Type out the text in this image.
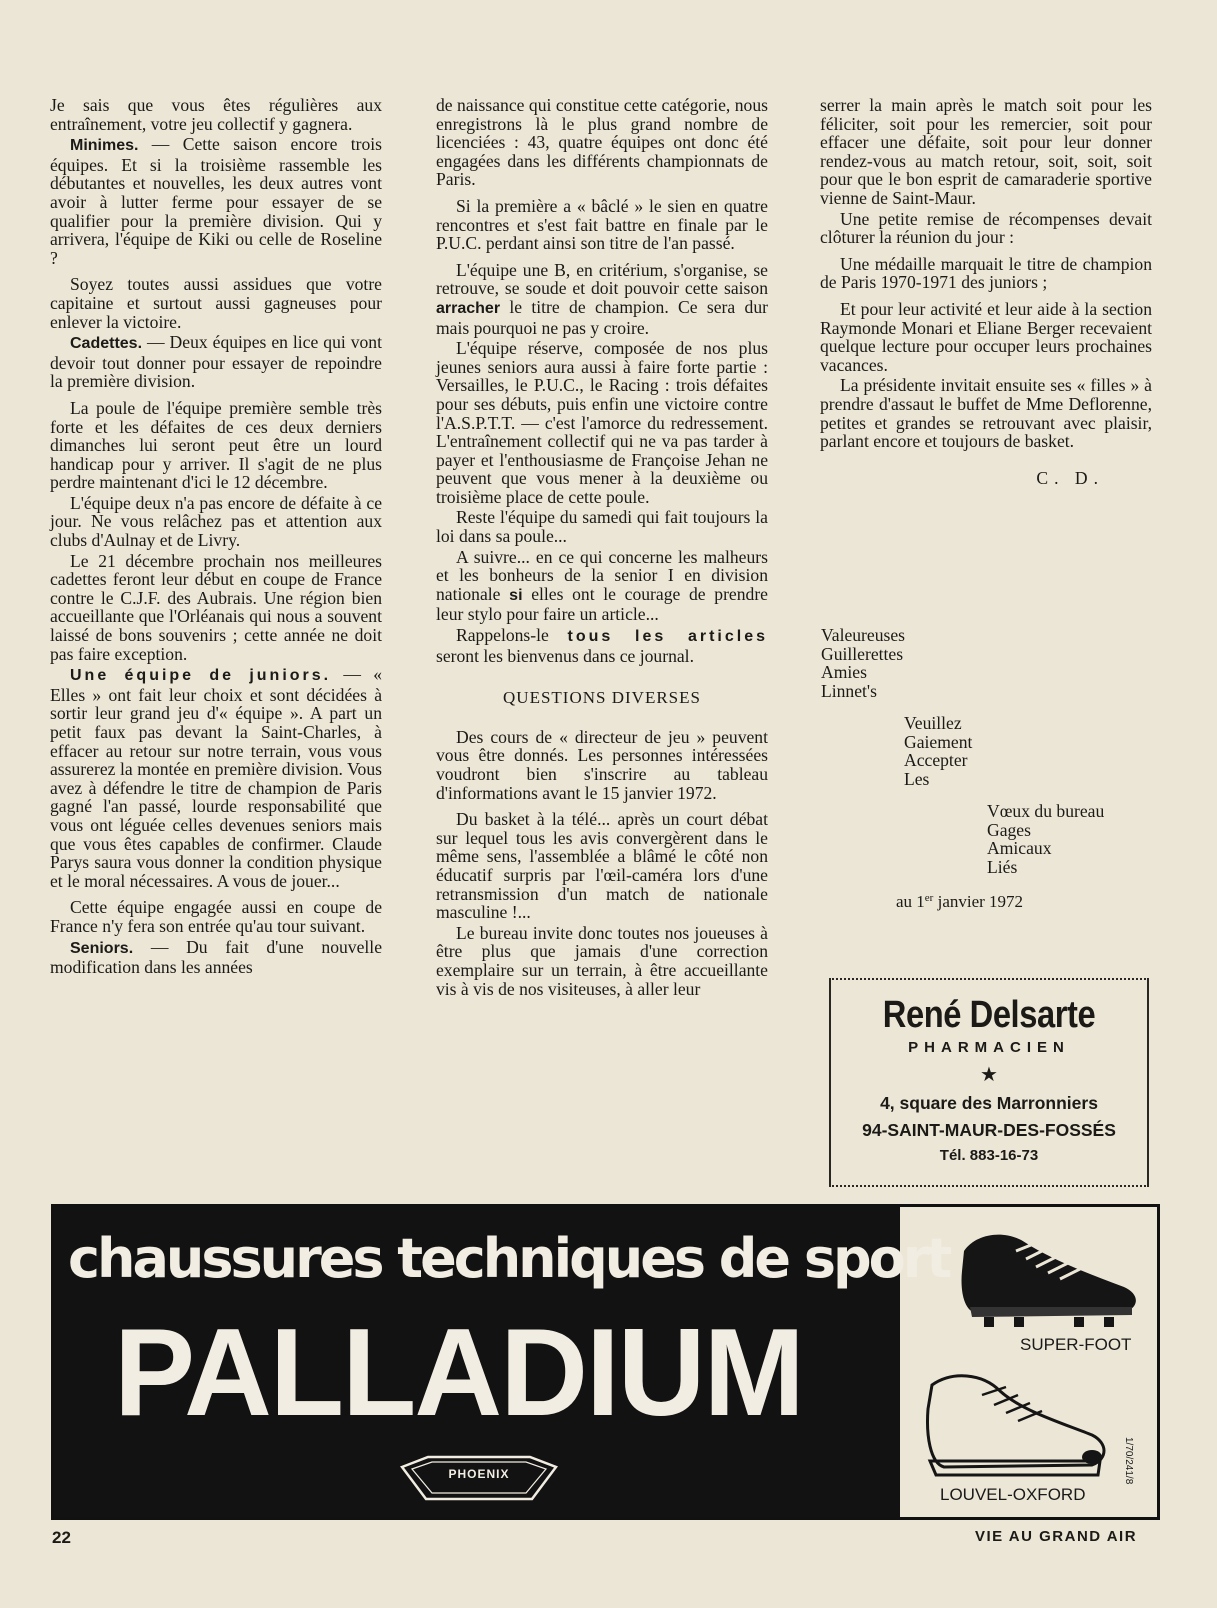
Je sais que vous êtes régulières aux entraînement, votre jeu collectif y gagnera.

Minimes. — Cette saison encore trois équipes. Et si la troisième rassemble les débutantes et nouvelles, les deux autres vont avoir à lutter ferme pour essayer de se qualifier pour la première division. Qui y arrivera, l'équipe de Kiki ou celle de Roseline ?

Soyez toutes aussi assidues que votre capitaine et surtout aussi gagneuses pour enlever la victoire.

Cadettes. — Deux équipes en lice qui vont devoir tout donner pour essayer de repoindre la première division.

La poule de l'équipe première semble très forte et les défaites de ces deux derniers dimanches lui seront peut être un lourd handicap pour y arriver. Il s'agit de ne plus perdre maintenant d'ici le 12 décembre.

L'équipe deux n'a pas encore de défaite à ce jour. Ne vous relâchez pas et attention aux clubs d'Aulnay et de Livry.

Le 21 décembre prochain nos meilleures cadettes feront leur début en coupe de France contre le C.J.F. des Aubrais. Une région bien accueillante que l'Orléanais qui nous a souvent laissé de bons souvenirs ; cette année ne doit pas faire exception.

Une équipe de juniors. — « Elles » ont fait leur choix et sont décidées à sortir leur grand jeu d'« équipe ». A part un petit faux pas devant la Saint-Charles, à effacer au retour sur notre terrain, vous vous assurerez la montée en première division. Vous avez à défendre le titre de champion de Paris gagné l'an passé, lourde responsabilité que vous ont léguée celles devenues seniors mais que vous êtes capables de confirmer. Claude Parys saura vous donner la condition physique et le moral nécessaires. A vous de jouer...

Cette équipe engagée aussi en coupe de France n'y fera son entrée qu'au tour suivant.

Seniors. — Du fait d'une nouvelle modification dans les années

de naissance qui constitue cette catégorie, nous enregistrons là le plus grand nombre de licenciées : 43, quatre équipes ont donc été engagées dans les différents championnats de Paris.

Si la première a « bâclé » le sien en quatre rencontres et s'est fait battre en finale par le P.U.C. perdant ainsi son titre de l'an passé.

L'équipe une B, en critérium, s'organise, se retrouve, se soude et doit pouvoir cette saison arracher le titre de champion. Ce sera dur mais pourquoi ne pas y croire.

L'équipe réserve, composée de nos plus jeunes seniors aura aussi à faire forte partie : Versailles, le P.U.C., le Racing : trois défaites pour ses débuts, puis enfin une victoire contre l'A.S.P.T.T. — c'est l'amorce du redressement. L'entraînement collectif qui ne va pas tarder à payer et l'enthousiasme de Françoise Jehan ne peuvent que vous mener à la deuxième ou troisième place de cette poule.

Reste l'équipe du samedi qui fait toujours la loi dans sa poule...

A suivre... en ce qui concerne les malheurs et les bonheurs de la senior I en division nationale si elles ont le courage de prendre leur stylo pour faire un article...

Rappelons-le tous les articles seront les bienvenus dans ce journal.

QUESTIONS DIVERSES

Des cours de « directeur de jeu » peuvent vous être donnés. Les personnes intéressées voudront bien s'inscrire au tableau d'informations avant le 15 janvier 1972.

Du basket à la télé... après un court débat sur lequel tous les avis convergèrent dans le même sens, l'assemblée a blâmé le côté non éducatif surpris par l'œil-caméra lors d'une retransmission d'un match de nationale masculine !...

Le bureau invite donc toutes nos joueuses à être plus que jamais d'une correction exemplaire sur un terrain, à être accueillante vis à vis de nos visiteuses, à aller leur

serrer la main après le match soit pour les féliciter, soit pour les remercier, soit pour effacer une défaite, soit pour leur donner rendez-vous au match retour, soit, soit, soit pour que le bon esprit de camaraderie sportive vienne de Saint-Maur.

Une petite remise de récompenses devait clôturer la réunion du jour :

Une médaille marquait le titre de champion de Paris 1970-1971 des juniors ;

Et pour leur activité et leur aide à la section Raymonde Monari et Eliane Berger recevaient quelque lecture pour occuper leurs prochaines vacances.

La présidente invitait ensuite ses « filles » à prendre d'assaut le buffet de Mme Deflorenne, petites et grandes se retrouvant avec plaisir, parlant encore et toujours de basket.

C. D.

Valeureuses
Guillerettes
Amies
Linnet's
Veuillez
Gaiement
Accepter
Les
Vœux du bureau
Gages
Amicaux
Liés
au 1er janvier 1972
René Delsarte
PHARMACIEN
★
4, square des Marronniers
94-SAINT-MAUR-DES-FOSSÉS
Tél. 883-16-73
chaussures techniques de sport
PALLADIUM
PHOENIX
SUPER-FOOT
LOUVEL-OXFORD
1/70/241/8
22	VIE AU GRAND AIR
